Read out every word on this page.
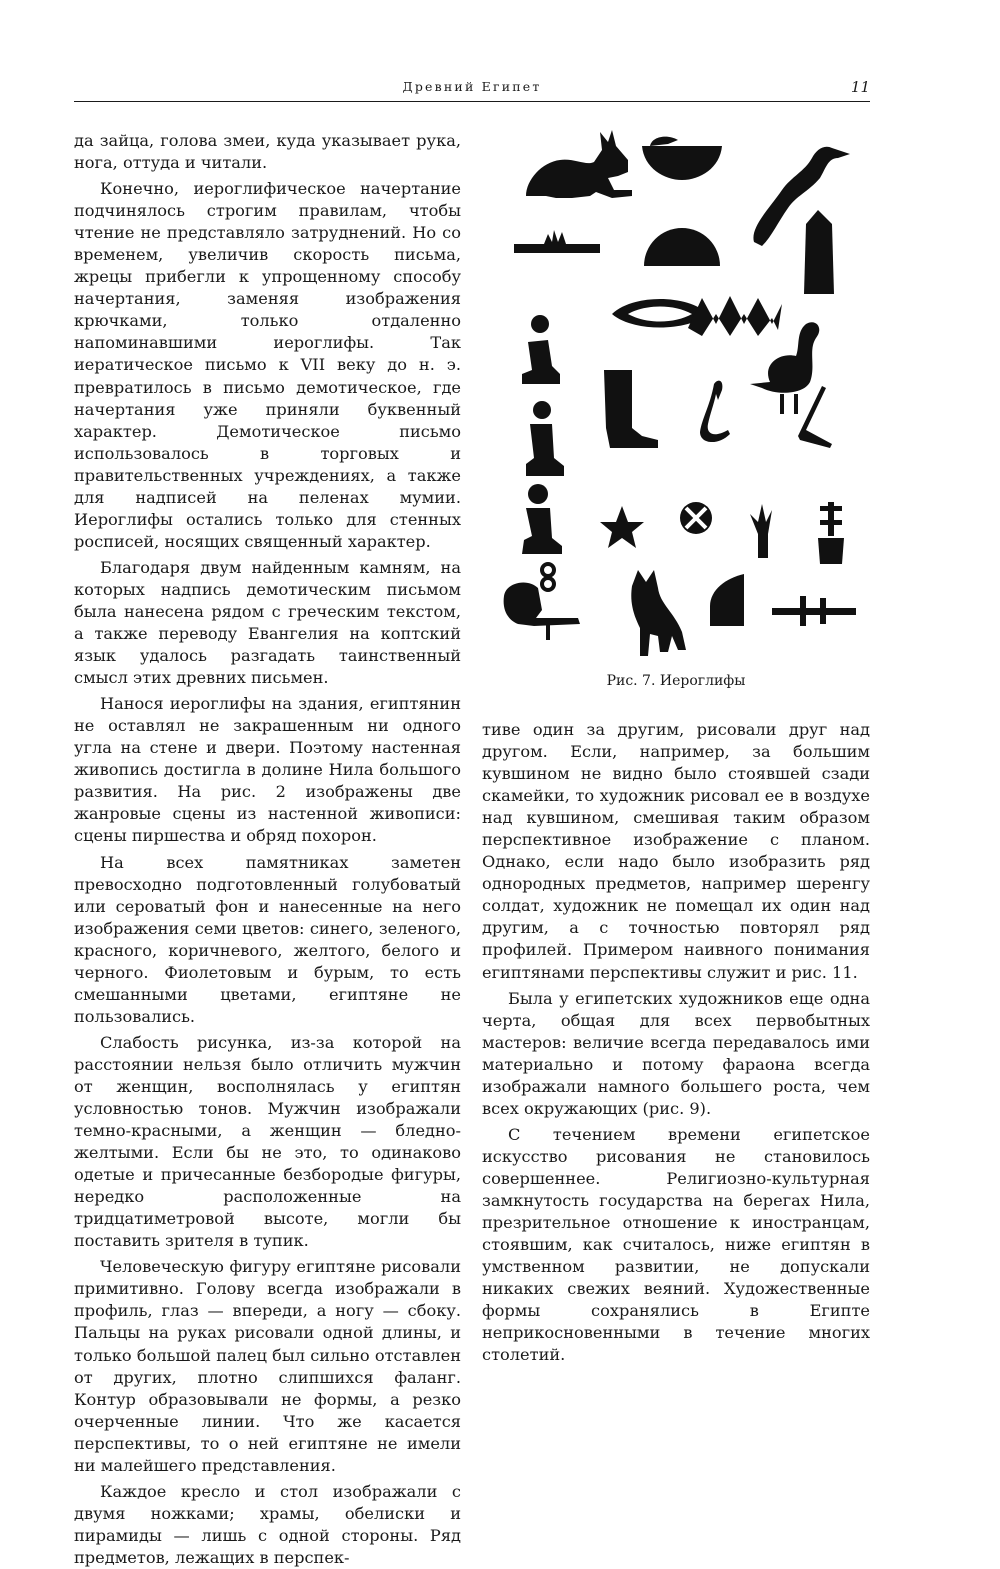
Древний Египет	11

да зайца, голова змеи, куда указывает рука, нога, оттуда и читали.

Конечно, иероглифическое начертание подчинялось строгим правилам, чтобы чтение не представляло затруднений. Но со временем, увеличив скорость письма, жрецы прибегли к упрощенному способу начертания, заменяя изображения крючками, только отдаленно напоминавшими иероглифы. Так иератическое письмо к VII веку до н. э. превратилось в письмо демотическое, где начертания уже приняли буквенный характер. Демотическое письмо использовалось в торговых и правительственных учреждениях, а также для надписей на пеленах мумии. Иероглифы остались только для стенных росписей, носящих священный характер.

Благодаря двум найденным камням, на которых надпись демотическим письмом была нанесена рядом с греческим текстом, а также переводу Евангелия на коптский язык удалось разгадать таинственный смысл этих древних письмен.

Нанося иероглифы на здания, египтянин не оставлял не закрашенным ни одного угла на стене и двери. Поэтому настенная живопись достигла в долине Нила большого развития. На рис. 2 изображены две жанровые сцены из настенной живописи: сцены пиршества и обряд похорон.

На всех памятниках заметен превосходно подготовленный голубоватый или сероватый фон и нанесенные на него изображения семи цветов: синего, зеленого, красного, коричневого, желтого, белого и черного. Фиолетовым и бурым, то есть смешанными цветами, египтяне не пользовались.

Слабость рисунка, из-за которой на расстоянии нельзя было отличить мужчин от женщин, восполнялась у египтян условностью тонов. Мужчин изображали темно-красными, а женщин — бледно-желтыми. Если бы не это, то одинаково одетые и причесанные безбородые фигуры, нередко расположенные на тридцатиметровой высоте, могли бы поставить зрителя в тупик.

Человеческую фигуру египтяне рисовали примитивно. Голову всегда изображали в профиль, глаз — впереди, а ногу — сбоку. Пальцы на руках рисовали одной длины, и только большой палец был сильно отставлен от других, плотно слипшихся фаланг. Контур образовывали не формы, а резко очерченные линии. Что же касается перспективы, то о ней египтяне не имели ни малейшего представления.

Каждое кресло и стол изображали с двумя ножками; храмы, обелиски и пирамиды — лишь с одной стороны. Ряд предметов, лежащих в перспек-

Рис. 7. Иероглифы

тиве один за другим, рисовали друг над другом. Если, например, за большим кувшином не видно было стоявшей сзади скамейки, то художник рисовал ее в воздухе над кувшином, смешивая таким образом перспективное изображение с планом. Однако, если надо было изобразить ряд однородных предметов, например шеренгу солдат, художник не помещал их один над другим, а с точностью повторял ряд профилей. Примером наивного понимания египтянами перспективы служит и рис. 11.

Была у египетских художников еще одна черта, общая для всех первобытных мастеров: величие всегда передавалось ими материально и потому фараона всегда изображали намного большего роста, чем всех окружающих (рис. 9).

С течением времени египетское искусство рисования не становилось совершеннее. Религиозно-культурная замкнутость государства на берегах Нила, презрительное отношение к иностранцам, стоявшим, как считалось, ниже египтян в умственном развитии, не допускали никаких свежих веяний. Художественные формы сохранялись в Египте неприкосновенными в течение многих столетий.
